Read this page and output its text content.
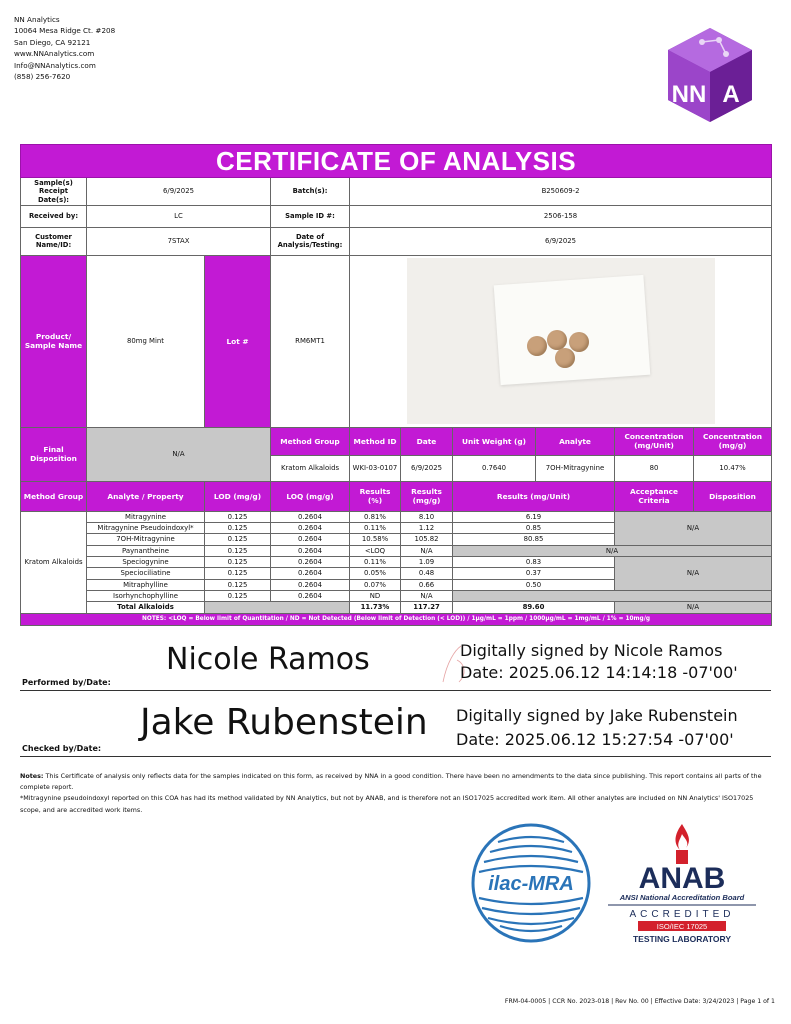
NN Analytics
10064 Mesa Ridge Ct. #208
San Diego, CA 92121
www.NNAnalytics.com
Info@NNAnalytics.com
(858) 256-7620
NN A
CERTIFICATE OF ANALYSIS									
Sample(s) Receipt Date(s):	6/9/2025		Batch(s):	B250609-2					
Received by:	LC		Sample ID #:	2506-158					
Customer Name/ID:	7STAX		Date of Analysis/Testing:	6/9/2025					
Product/ Sample Name	80mg Mint	Lot #	RM6MT1						

Final Disposition	N/A		Method Group	Method ID	Date	Unit Weight (g)	Analyte	Concentration (mg/Unit)	Concentration (mg/g)
			Kratom Alkaloids	WKI-03-0107	6/9/2025	0.7640	7OH-Mitragynine	80	10.47%
Method Group	Analyte / Property	LOD (mg/g)	LOQ (mg/g)	Results (%)	Results (mg/g)	Results (mg/Unit)		Acceptance Criteria	Disposition
Kratom Alkaloids	Mitragynine	0.125	0.2604	0.81%	8.10	6.19		N/A	
	Mitragynine Pseudoindoxyl*	0.125	0.2604	0.11%	1.12	0.85			
	7OH-Mitragynine	0.125	0.2604	10.58%	105.82	80.85			
	Paynantheine	0.125	0.2604	<LOQ	N/A	N/A			
	Speciogynine	0.125	0.2604	0.11%	1.09	0.83		N/A	
	Speciociliatine	0.125	0.2604	0.05%	0.48	0.37			
	Mitraphylline	0.125	0.2604	0.07%	0.66	0.50			
	Isorhynchophylline	0.125	0.2604	ND	N/A				
	Total Alkaloids			11.73%	117.27	89.60		N/A	
NOTES: <LOQ = Below limit of Quantitation / ND = Not Detected (Below limit of Detection (< LOD)) / 1µg/mL = 1ppm / 1000µg/mL = 1mg/mL / 1% = 10mg/g									
Performed by/Date:
Nicole Ramos	Digitally signed by Nicole Ramos
Date: 2025.06.12 14:14:18 -07'00'
Checked by/Date:
Jake Rubenstein Digitally signed by Jake Rubenstein
Date: 2025.06.12 15:27:54 -07'00'
Notes: This Certificate of analysis only reflects data for the samples indicated on this form, as received by NNA in a good condition. There have been no amendments to the data since publishing. This report contains all parts of the complete report.
*Mitragynine pseudoindoxyl reported on this COA has had its method validated by NN Analytics, but not by ANAB, and is therefore not an ISO17025 accredited work item. All other analytes are included on NN Analytics' ISO17025 scope, and are accredited work items.
ilac-MRA ANAB
ANSI National Accreditation Board
ACCREDITED
ISO/IEC 17025
TESTING LABORATORY
FRM-04-0005 | CCR No. 2023-018 | Rev No. 00 | Effective Date: 3/24/2023 | Page 1 of 1
